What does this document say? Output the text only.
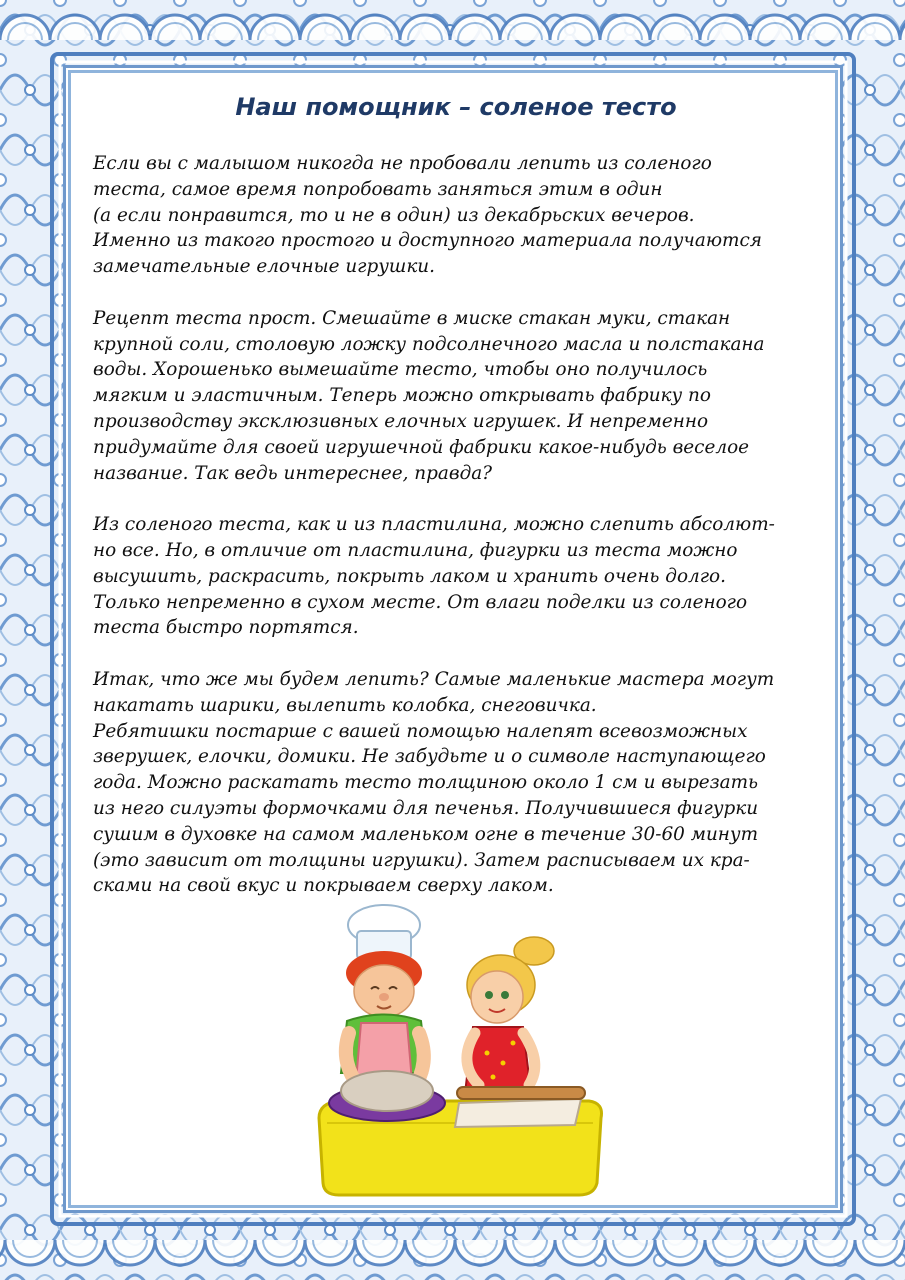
Наш помощник – соленое тесто

Если вы с малышом никогда не пробовали лепить из соленого
теста, самое время попробовать заняться этим в один
(а если понравится, то и не в один) из декабрьских вечеров.
Именно из такого простого и доступного материала получаются
замечательные елочные игрушки.

Рецепт теста прост. Смешайте в миске стакан муки, стакан
крупной соли, столовую ложку подсолнечного масла и полстакана
воды. Хорошенько вымешайте тесто, чтобы оно получилось
мягким и эластичным. Теперь можно открывать фабрику по
производству эксклюзивных елочных игрушек. И непременно
придумайте для своей игрушечной фабрики какое-нибудь веселое
название. Так ведь интереснее, правда?

Из соленого теста, как и из пластилина, можно слепить абсолют-
но все. Но, в отличие от пластилина, фигурки из теста можно
высушить, раскрасить, покрыть лаком и хранить очень долго.
Только непременно в сухом месте. От влаги поделки из соленого
теста быстро портятся.

Итак, что же мы будем лепить? Самые маленькие мастера могут
накатать шарики, вылепить колобка, снеговичка.
Ребятишки постарше с вашей помощью налепят всевозможных
зверушек, елочки, домики. Не забудьте и о символе наступающего
года. Можно раскатать тесто толщиною около 1 см и вырезать
из него силуэты формочками для печенья. Получившиеся фигурки
сушим в духовке на самом маленьком огне в течение 30-60 минут
(это зависит от толщины игрушки). Затем расписываем их кра-
сками на свой вкус и покрываем сверху лаком.
